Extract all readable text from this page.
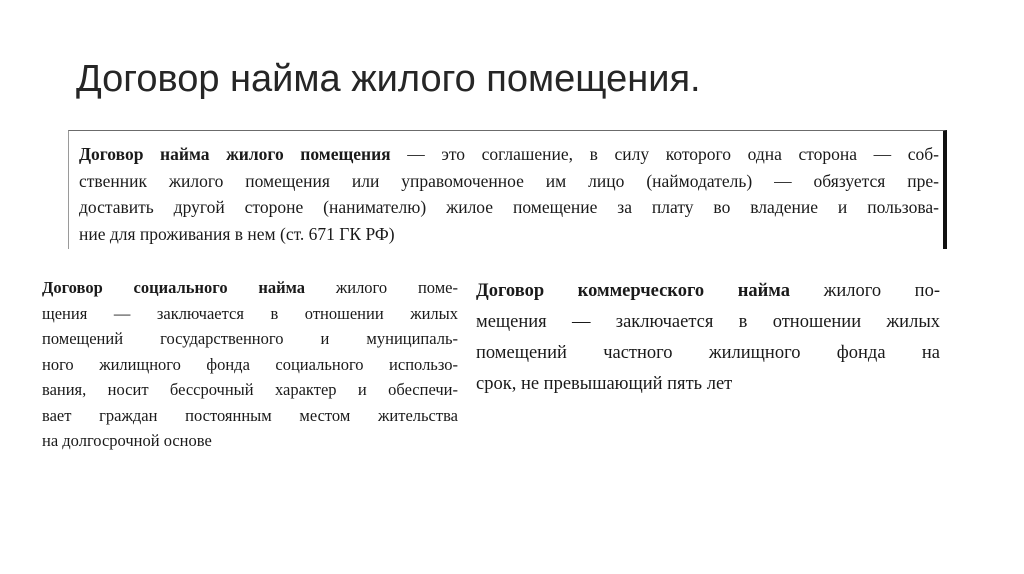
Договор найма жилого помещения.
Договор найма жилого помещения — это соглашение, в силу которого одна сторона — соб-
ственник жилого помещения или управомоченное им лицо (наймодатель) — обязуется пре-
доставить другой стороне (нанимателю) жилое помещение за плату во владение и пользова-
ние для проживания в нем (ст. 671 ГК РФ)
Договор социального найма жилого поме-
щения — заключается в отношении жилых
помещений государственного и муниципаль-
ного жилищного фонда социального использо-
вания, носит бессрочный характер и обеспечи-
вает граждан постоянным местом жительства
на долгосрочной основе
Договор коммерческого найма жилого по-
мещения — заключается в отношении жилых
помещений частного жилищного фонда на
срок, не превышающий пять лет
